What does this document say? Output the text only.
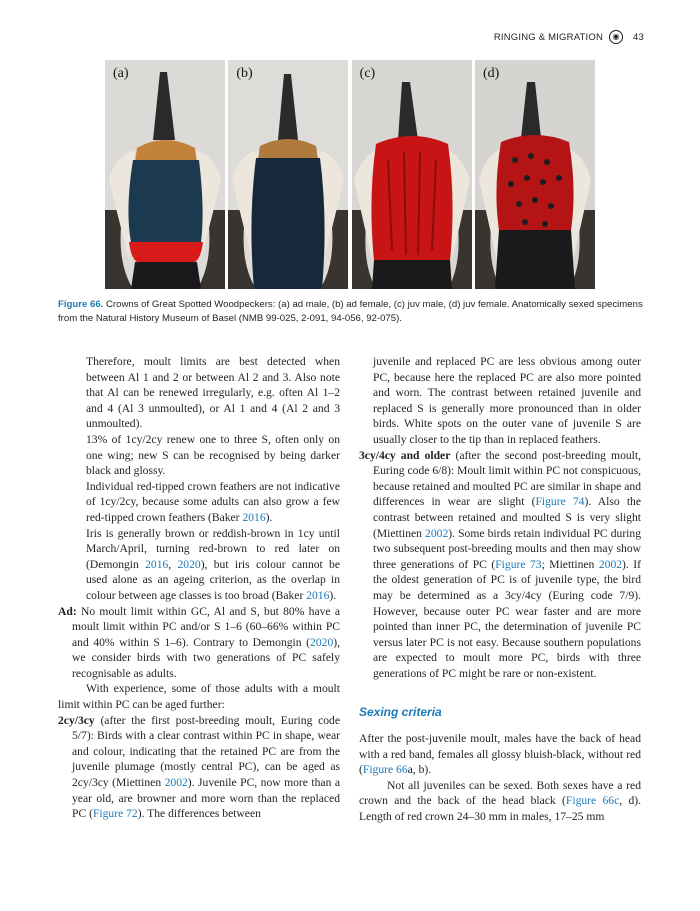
RINGING & MIGRATION	◉	43
(a)	(b)	(c)	(d)
Figure 66. Crowns of Great Spotted Woodpeckers: (a) ad male, (b) ad female, (c) juv male, (d) juv female. Anatomically sexed specimens from the Natural History Museum of Basel (NMB 99-025, 2-091, 94-056, 92-075).

Therefore, moult limits are best detected when between Al 1 and 2 or between Al 2 and 3. Also note that Al can be renewed irregularly, e.g. often Al 1–2 and 4 (Al 3 unmoulted), or Al 1 and 4 (Al 2 and 3 unmoulted).

13% of 1cy/2cy renew one to three S, often only on one wing; new S can be recognised by being darker black and glossy.

Individual red-tipped crown feathers are not indicative of 1cy/2cy, because some adults can also grow a few red-tipped crown feathers (Baker 2016).

Iris is generally brown or reddish-brown in 1cy until March/April, turning red-brown to red later on (Demongin 2016, 2020), but iris colour cannot be used alone as an ageing criterion, as the overlap in colour between age classes is too broad (Baker 2016).

Ad: No moult limit within GC, Al and S, but 80% have a moult limit within PC and/or S 1–6 (60–66% within PC and 40% within S 1–6). Contrary to Demongin (2020), we consider birds with two generations of PC safely recognisable as adults.

With experience, some of those adults with a moult limit within PC can be aged further:

2cy/3cy (after the first post-breeding moult, Euring code 5/7): Birds with a clear contrast within PC in shape, wear and colour, indicating that the retained PC are from the juvenile plumage (mostly central PC), can be aged as 2cy/3cy (Miettinen 2002). Juvenile PC, now more than a year old, are browner and more worn than the replaced PC (Figure 72). The differences between

juvenile and replaced PC are less obvious among outer PC, because here the replaced PC are also more pointed and worn. The contrast between retained juvenile and replaced S is generally more pronounced than in older birds. White spots on the outer vane of juvenile S are usually closer to the tip than in replaced feathers.

3cy/4cy and older (after the second post-breeding moult, Euring code 6/8): Moult limit within PC not conspicuous, because retained and moulted PC are similar in shape and differences in wear are slight (Figure 74). Also the contrast between retained and moulted S is very slight (Miettinen 2002). Some birds retain individual PC during two subsequent post-breeding moults and then may show three generations of PC (Figure 73; Miettinen 2002). If the oldest generation of PC is of juvenile type, the bird may be determined as a 3cy/4cy (Euring code 7/9). However, because outer PC wear faster and are more pointed than inner PC, the determination of juvenile PC versus later PC is not easy. Because southern populations are expected to moult more PC, birds with three generations of PC might be rare or non-existent.

Sexing criteria

After the post-juvenile moult, males have the back of head with a red band, females all glossy bluish-black, without red (Figure 66a, b).

Not all juveniles can be sexed. Both sexes have a red crown and the back of the head black (Figure 66c, d). Length of red crown 24–30 mm in males, 17–25 mm
